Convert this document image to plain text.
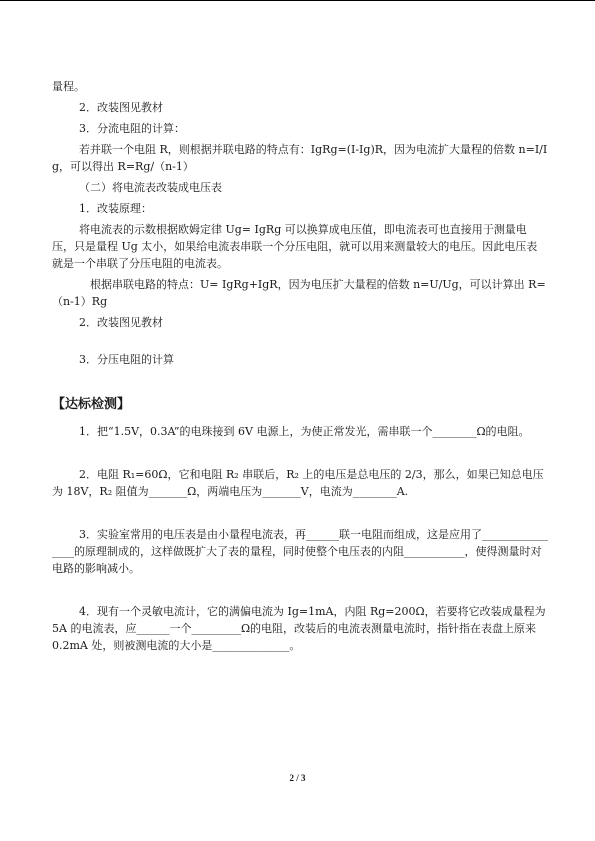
量程。

2．改装图见教材

3．分流电阻的计算：

若并联一个电阻 R，则根据并联电路的特点有：IgRg=(I-Ig)R，因为电流扩大量程的倍数 n=I/Ig，可以得出 R=Rg/（n-1）

（二）将电流表改装成电压表

1．改装原理：

将电流表的示数根据欧姆定律 Ug= IgRg 可以换算成电压值，即电流表可也直接用于测量电压，只是量程 Ug 太小，如果给电流表串联一个分压电阻，就可以用来测量较大的电压。因此电压表就是一个串联了分压电阻的电流表。

根据串联电路的特点：U= IgRg+IgR，因为电压扩大量程的倍数 n=U/Ug，可以计算出 R=（n-1）Rg

2．改装图见教材

3．分压电阻的计算

【达标检测】

1．把“1.5V，0.3A”的电珠接到 6V 电源上，为使正常发光，需串联一个________Ω的电阻。

2．电阻 R₁=60Ω，它和电阻 R₂ 串联后，R₂ 上的电压是总电压的 2/3，那么，如果已知总电压为 18V，R₂ 阻值为_______Ω，两端电压为_______V，电流为________A.

3．实验室常用的电压表是由小量程电流表，再______联一电阻而组成，这是应用了________________的原理制成的，这样做既扩大了表的量程，同时使整个电压表的内阻___________，使得测量时对电路的影响减小。

4．现有一个灵敏电流计，它的满偏电流为 Ig=1mA，内阻 Rg=200Ω，若要将它改装成量程为 5A 的电流表，应______一个_________Ω的电阻，改装后的电流表测量电流时，指针指在表盘上原来 0.2mA 处，则被测电流的大小是______________。

2 / 3
